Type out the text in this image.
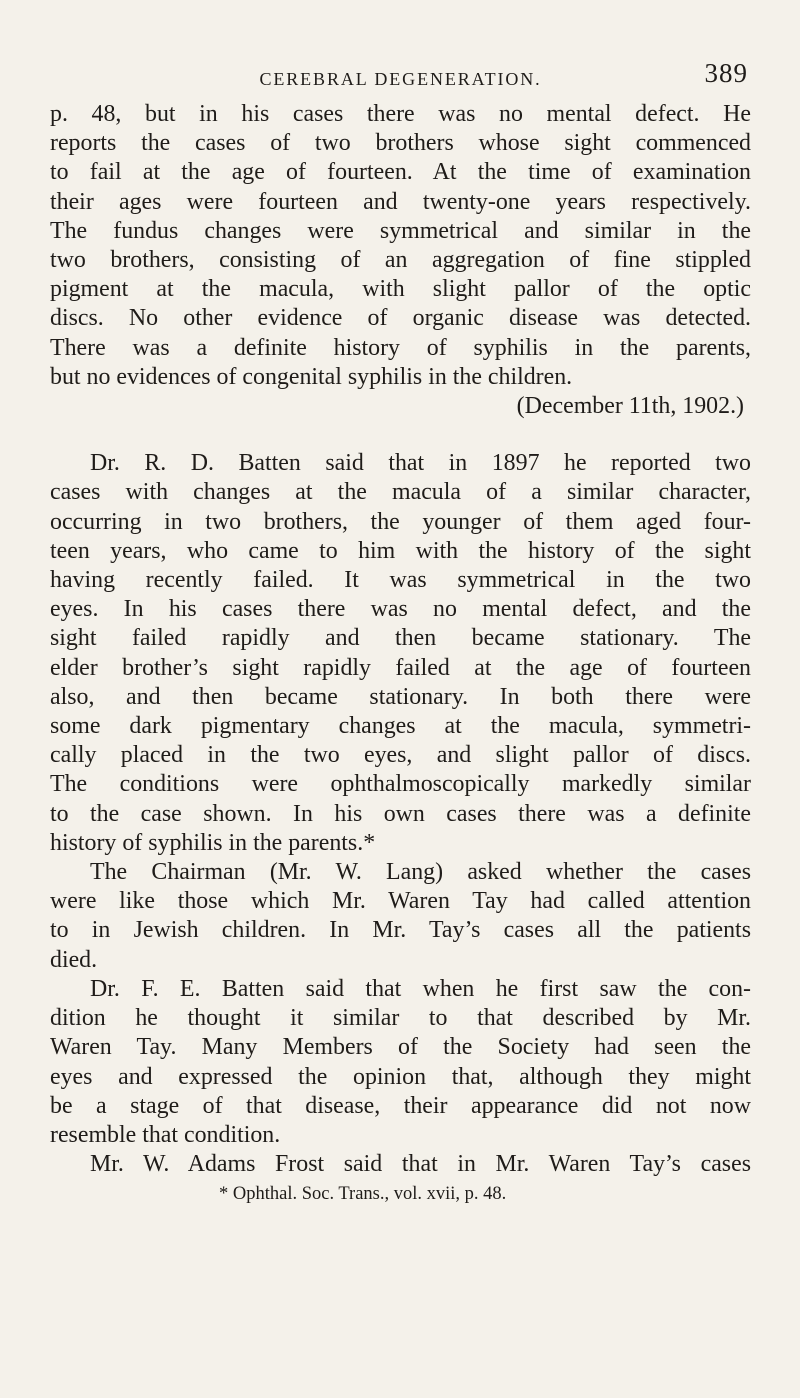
CEREBRAL DEGENERATION.	389
p. 48, but in his cases there was no mental defect. He
reports the cases of two brothers whose sight commenced
to fail at the age of fourteen. At the time of examination
their ages were fourteen and twenty-one years respectively.
The fundus changes were symmetrical and similar in the
two brothers, consisting of an aggregation of fine stippled
pigment at the macula, with slight pallor of the optic
discs. No other evidence of organic disease was detected.
There was a definite history of syphilis in the parents,
but no evidences of congenital syphilis in the children.
(December 11th, 1902.)
Dr. R. D. Batten said that in 1897 he reported two
cases with changes at the macula of a similar character,
occurring in two brothers, the younger of them aged four-
teen years, who came to him with the history of the sight
having recently failed. It was symmetrical in the two
eyes. In his cases there was no mental defect, and the
sight failed rapidly and then became stationary. The
elder brother’s sight rapidly failed at the age of fourteen
also, and then became stationary. In both there were
some dark pigmentary changes at the macula, symmetri-
cally placed in the two eyes, and slight pallor of discs.
The conditions were ophthalmoscopically markedly similar
to the case shown. In his own cases there was a definite
history of syphilis in the parents.*
The Chairman (Mr. W. Lang) asked whether the cases
were like those which Mr. Waren Tay had called attention
to in Jewish children. In Mr. Tay’s cases all the patients
died.
Dr. F. E. Batten said that when he first saw the con-
dition he thought it similar to that described by Mr.
Waren Tay. Many Members of the Society had seen the
eyes and expressed the opinion that, although they might
be a stage of that disease, their appearance did not now
resemble that condition.
Mr. W. Adams Frost said that in Mr. Waren Tay’s cases
* Ophthal. Soc. Trans., vol. xvii, p. 48.
